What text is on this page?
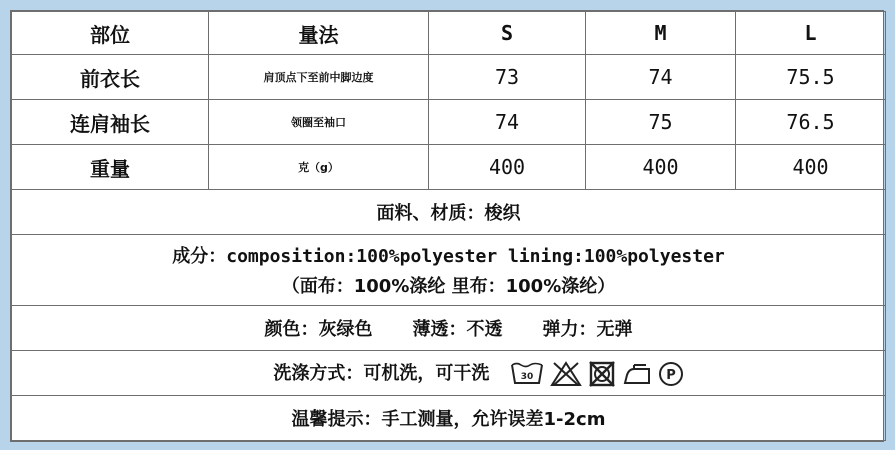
部位	量法	S	M	L
前衣长	肩顶点下至前中脚边度	73	74	75.5
连肩袖长	领圈至袖口	74	75	76.5
重量	克（g）	400	400	400
面料、材质：梭织				
成分：composition:100%polyester lining:100%polyester
（面布：100%涤纶 里布：100%涤纶）				

颜色：灰绿色 薄透：不透 弹力：无弹				
洗涤方式：可机洗，可干洗 30 P				

温馨提示：手工测量，允许误差1-2cm				
